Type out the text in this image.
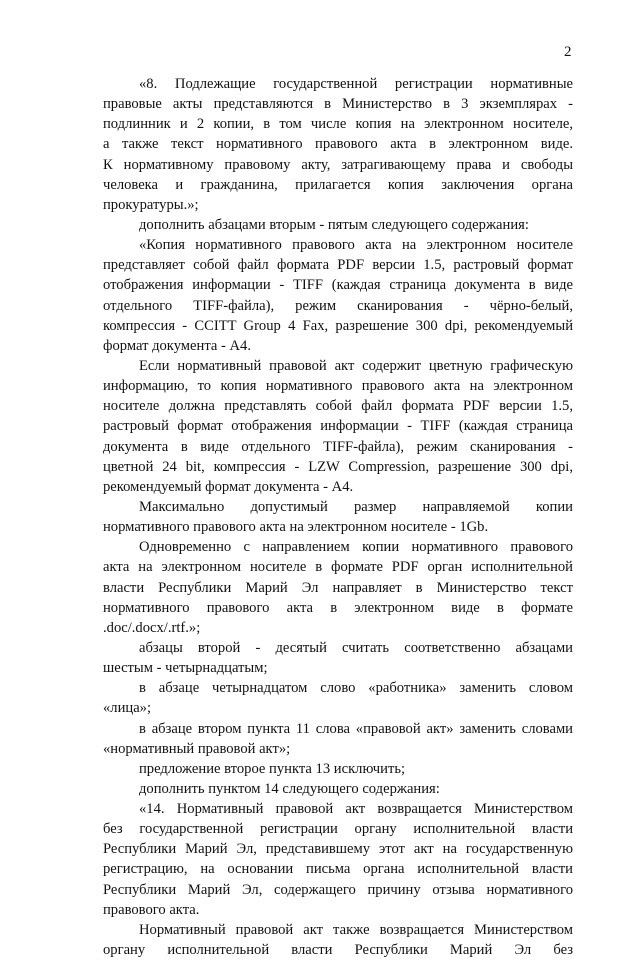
2
«8. Подлежащие государственной регистрации нормативные
правовые акты представляются в Министерство в 3 экземплярах -
подлинник и 2 копии, в том числе копия на электронном носителе,
а также текст нормативного правового акта в электронном виде.
К нормативному правовому акту, затрагивающему права и свободы
человека и гражданина, прилагается копия заключения органа
прокуратуры.»;
дополнить абзацами вторым - пятым следующего содержания:
«Копия нормативного правового акта на электронном носителе
представляет собой файл формата PDF версии 1.5, растровый формат
отображения информации - TIFF (каждая страница документа в виде
отдельного TIFF-файла), режим сканирования - чёрно-белый,
компрессия - CCITT Group 4 Fax, разрешение 300 dpi, рекомендуемый
формат документа - А4.
Если нормативный правовой акт содержит цветную графическую
информацию, то копия нормативного правового акта на электронном
носителе должна представлять собой файл формата PDF версии 1.5,
растровый формат отображения информации - TIFF (каждая страница
документа в виде отдельного TIFF-файла), режим сканирования -
цветной 24 bit, компрессия - LZW Compression, разрешение 300 dpi,
рекомендуемый формат документа - А4.
Максимально допустимый размер направляемой копии
нормативного правового акта на электронном носителе - 1Gb.
Одновременно с направлением копии нормативного правового
акта на электронном носителе в формате PDF орган исполнительной
власти Республики Марий Эл направляет в Министерство текст
нормативного правового акта в электронном виде в формате
.doc/.docx/.rtf.»;
абзацы второй - десятый считать соответственно абзацами
шестым - четырнадцатым;
в абзаце четырнадцатом слово «работника» заменить словом
«лица»;
в абзаце втором пункта 11 слова «правовой акт» заменить словами
«нормативный правовой акт»;
предложение второе пункта 13 исключить;
дополнить пунктом 14 следующего содержания:
«14. Нормативный правовой акт возвращается Министерством
без государственной регистрации органу исполнительной власти
Республики Марий Эл, представившему этот акт на государственную
регистрацию, на основании письма органа исполнительной власти
Республики Марий Эл, содержащего причину отзыва нормативного
правового акта.
Нормативный правовой акт также возвращается Министерством
органу исполнительной власти Республики Марий Эл без
